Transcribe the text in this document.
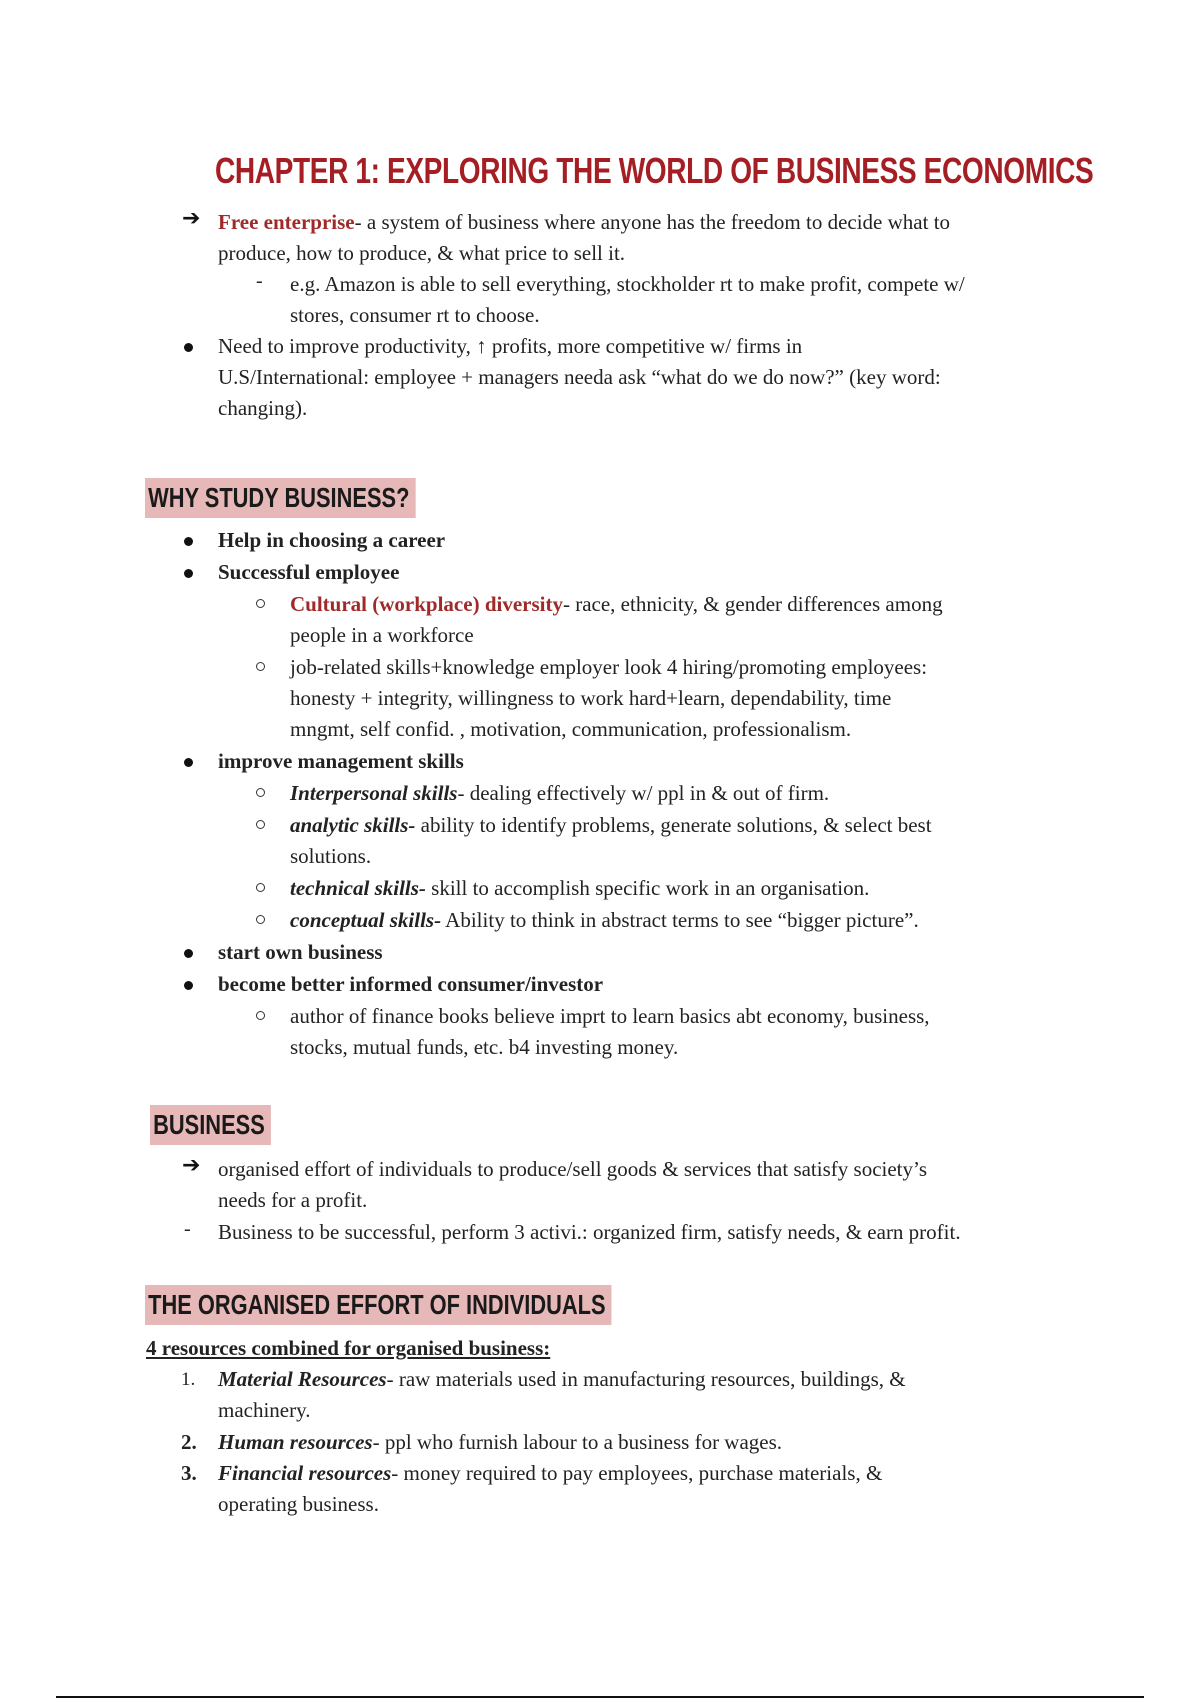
CHAPTER 1: EXPLORING THE WORLD OF BUSINESS ECONOMICS
➔ Free enterprise- a system of business where anyone has the freedom to decide what to
produce, how to produce, & what price to sell it.
- e.g. Amazon is able to sell everything, stockholder rt to make profit, compete w/
stores, consumer rt to choose.
Need to improve productivity, ↑ profits, more competitive w/ firms in
U.S/International: employee + managers needa ask “what do we do now?” (key word:
changing).
WHY STUDY BUSINESS?
Help in choosing a career
Successful employee
Cultural (workplace) diversity- race, ethnicity, & gender differences among
people in a workforce
job-related skills+knowledge employer look 4 hiring/promoting employees:
honesty + integrity, willingness to work hard+learn, dependability, time
mngmt, self confid. , motivation, communication, professionalism.
improve management skills
Interpersonal skills- dealing effectively w/ ppl in & out of firm.
analytic skills- ability to identify problems, generate solutions, & select best
solutions.
technical skills- skill to accomplish specific work in an organisation.
conceptual skills- Ability to think in abstract terms to see “bigger picture”.
start own business
become better informed consumer/investor
author of finance books believe imprt to learn basics abt economy, business,
stocks, mutual funds, etc. b4 investing money.
BUSINESS
➔ organised effort of individuals to produce/sell goods & services that satisfy society’s
needs for a profit.
- Business to be successful, perform 3 activi.: organized firm, satisfy needs, & earn profit.
THE ORGANISED EFFORT OF INDIVIDUALS
4 resources combined for organised business:
1. Material Resources- raw materials used in manufacturing resources, buildings, &
machinery.
2. Human resources- ppl who furnish labour to a business for wages.
3. Financial resources- money required to pay employees, purchase materials, &
operating business.
